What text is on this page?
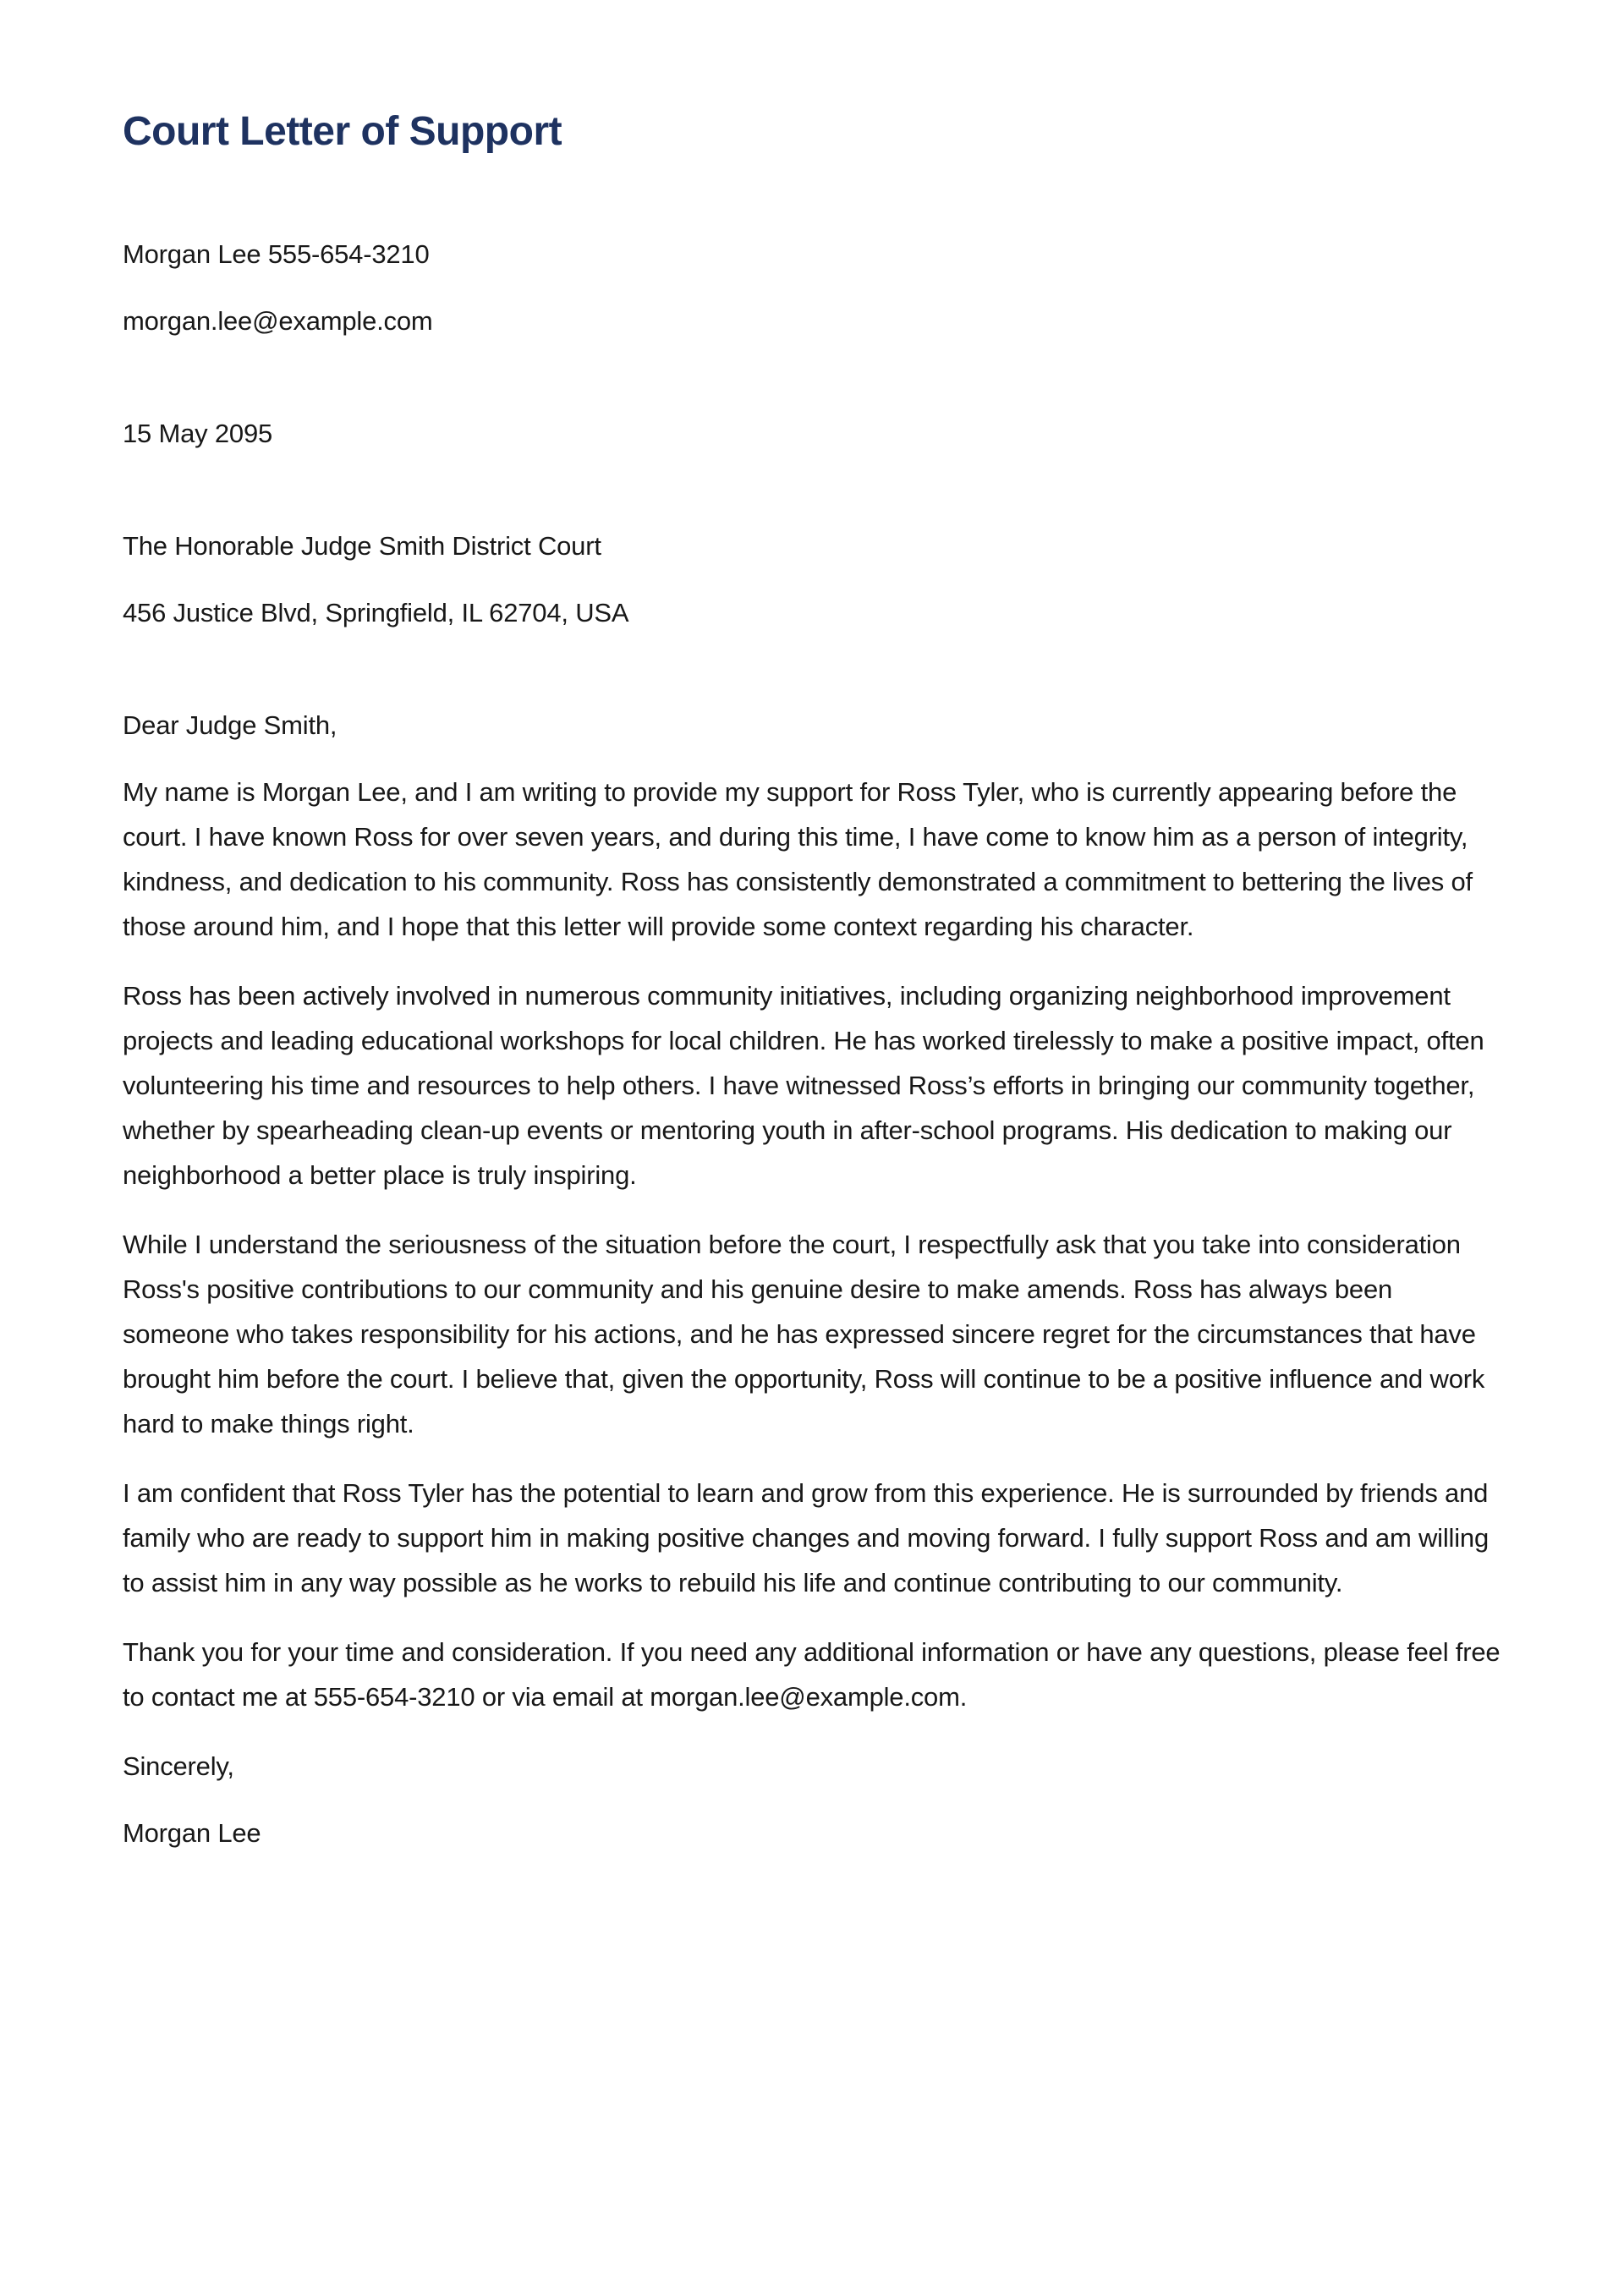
Court Letter of Support

Morgan Lee 555-654-3210

morgan.lee@example.com

15 May 2095

The Honorable Judge Smith District Court

456 Justice Blvd, Springfield, IL 62704, USA

Dear Judge Smith,

My name is Morgan Lee, and I am writing to provide my support for Ross Tyler, who is currently appearing before the court. I have known Ross for over seven years, and during this time, I have come to know him as a person of integrity, kindness, and dedication to his community. Ross has consistently demonstrated a commitment to bettering the lives of those around him, and I hope that this letter will provide some context regarding his character.

Ross has been actively involved in numerous community initiatives, including organizing neighborhood improvement projects and leading educational workshops for local children. He has worked tirelessly to make a positive impact, often volunteering his time and resources to help others. I have witnessed Ross’s efforts in bringing our community together, whether by spearheading clean-up events or mentoring youth in after-school programs. His dedication to making our neighborhood a better place is truly inspiring.

While I understand the seriousness of the situation before the court, I respectfully ask that you take into consideration Ross's positive contributions to our community and his genuine desire to make amends. Ross has always been someone who takes responsibility for his actions, and he has expressed sincere regret for the circumstances that have brought him before the court. I believe that, given the opportunity, Ross will continue to be a positive influence and work hard to make things right.

I am confident that Ross Tyler has the potential to learn and grow from this experience. He is surrounded by friends and family who are ready to support him in making positive changes and moving forward. I fully support Ross and am willing to assist him in any way possible as he works to rebuild his life and continue contributing to our community.

Thank you for your time and consideration. If you need any additional information or have any questions, please feel free to contact me at 555-654-3210 or via email at morgan.lee@example.com.

Sincerely,

Morgan Lee
